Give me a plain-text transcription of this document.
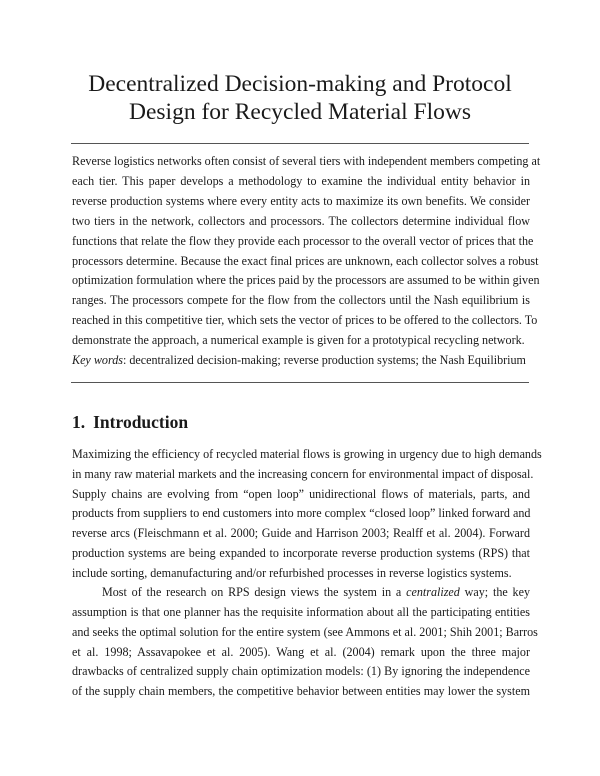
Decentralized Decision-making and Protocol
Design for Recycled Material Flows
Reverse logistics networks often consist of several tiers with independent members competing at
each tier. This paper develops a methodology to examine the individual entity behavior in
reverse production systems where every entity acts to maximize its own benefits. We consider
two tiers in the network, collectors and processors. The collectors determine individual flow
functions that relate the flow they provide each processor to the overall vector of prices that the
processors determine. Because the exact final prices are unknown, each collector solves a robust
optimization formulation where the prices paid by the processors are assumed to be within given
ranges. The processors compete for the flow from the collectors until the Nash equilibrium is
reached in this competitive tier, which sets the vector of prices to be offered to the collectors. To
demonstrate the approach, a numerical example is given for a prototypical recycling network.
Key words: decentralized decision-making; reverse production systems; the Nash Equilibrium
1. Introduction
Maximizing the efficiency of recycled material flows is growing in urgency due to high demands
in many raw material markets and the increasing concern for environmental impact of disposal.
Supply chains are evolving from “open loop” unidirectional flows of materials, parts, and
products from suppliers to end customers into more complex “closed loop” linked forward and
reverse arcs (Fleischmann et al. 2000; Guide and Harrison 2003; Realff et al. 2004). Forward
production systems are being expanded to incorporate reverse production systems (RPS) that
include sorting, demanufacturing and/or refurbished processes in reverse logistics systems.
Most of the research on RPS design views the system in a centralized way; the key
assumption is that one planner has the requisite information about all the participating entities
and seeks the optimal solution for the entire system (see Ammons et al. 2001; Shih 2001; Barros
et al. 1998; Assavapokee et al. 2005). Wang et al. (2004) remark upon the three major
drawbacks of centralized supply chain optimization models: (1) By ignoring the independence
of the supply chain members, the competitive behavior between entities may lower the system
